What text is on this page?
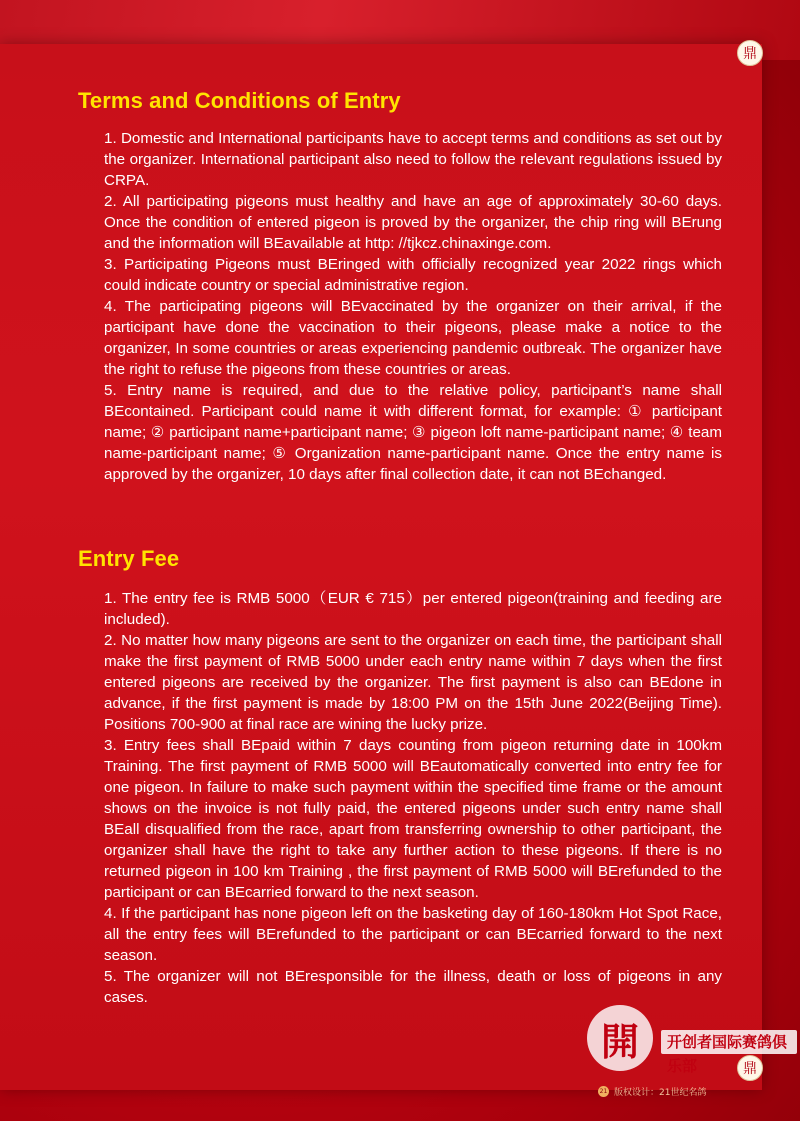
鼎
鼎
Terms and Conditions of Entry

1. Domestic and International participants have to accept terms and conditions as set out by the organizer. International participant also need to follow the relevant regulations issued by CRPA.

2. All participating pigeons must healthy and have an age of approximately 30-60 days. Once the condition of entered pigeon is proved by the organizer, the chip ring will BErung and the information will BEavailable at http: //tjkcz.chinaxinge.com.

3. Participating Pigeons must BEringed with officially recognized year 2022 rings which could indicate country or special administrative region.

4. The participating pigeons will BEvaccinated by the organizer on their arrival, if the participant have done the vaccination to their pigeons, please make a notice to the organizer, In some countries or areas experiencing pandemic outbreak. The organizer have the right to refuse the pigeons from these countries or areas.

5. Entry name is required, and due to the relative policy, participant’s name shall BEcontained. Participant could name it with different format, for example: ① participant name; ② participant name+participant name; ③ pigeon loft name-participant name; ④ team name-participant name; ⑤ Organization name-participant name. Once the entry name is approved by the organizer, 10 days after final collection date, it can not BEchanged.

Entry Fee

1. The entry fee is RMB 5000（EUR € 715）per entered pigeon(training and feeding are included).

2. No matter how many pigeons are sent to the organizer on each time, the participant shall make the first payment of RMB 5000 under each entry name within 7 days when the first entered pigeons are received by the organizer. The first payment is also can BEdone in advance, if the first payment is made by 18:00 PM on the 15th June 2022(Beijing Time). Positions 700-900 at final race are wining the lucky prize.

3. Entry fees shall BEpaid within 7 days counting from pigeon returning date in 100km Training. The first payment of RMB 5000 will BEautomatically converted into entry fee for one pigeon. In failure to make such payment within the specified time frame or the amount shows on the invoice is not fully paid, the entered pigeons under such entry name shall BEall disqualified from the race, apart from transferring ownership to other participant, the organizer shall have the right to take any further action to these pigeons. If there is no returned pigeon in 100 km Training , the first payment of RMB 5000 will BErefunded to the participant or can BEcarried forward to the next season.

4. If the participant has none pigeon left on the basketing day of 160-180km Hot Spot Race, all the entry fees will BErefunded to the participant or can BEcarried forward to the next season.

5. The organizer will not BEresponsible for the illness, death or loss of pigeons in any cases.

開	开创者国际赛鸽俱乐部
21 版权设计：21世纪名鸽
